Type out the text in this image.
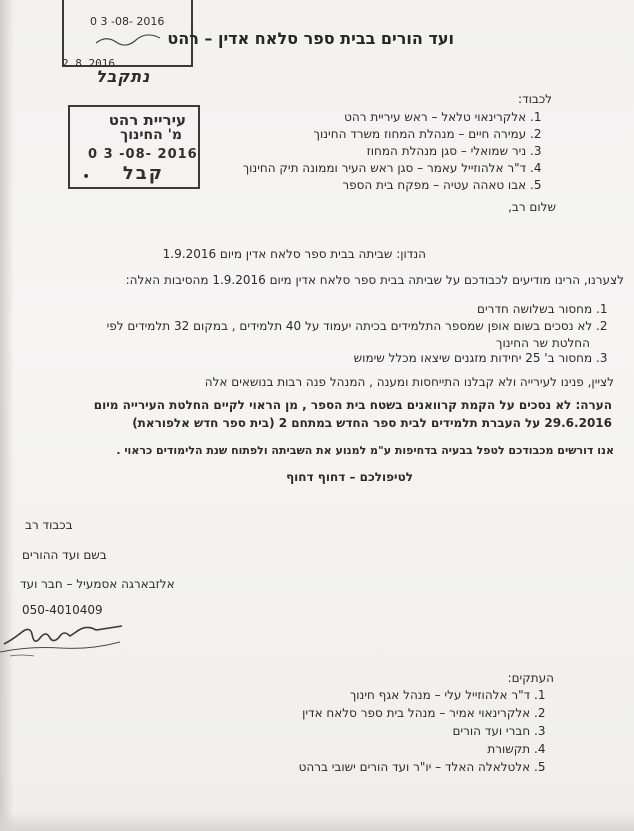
0 3 -08- 2016
2.8.2016
נתקבל
ועד הורים בבית ספר סלאח אדין – רהט
עיריית רהט
מ' החינוך
0 3 -08- 2016
קבל
•
לכבוד:
1. אלקרינאוי טלאל – ראש עיריית רהט
2. עמירה חיים – מנהלת המחוז משרד החינוך
3. ניר שמואלי – סגן מנהלת המחוז
4. ד"ר אלהוזייל עאמר – סגן ראש העיר וממונה תיק החינוך
5. אבו טאהה עטיה – מפקח בית הספר
שלום רב,
הנדון: שביתה בבית ספר סלאח אדין מיום 1.9.2016
לצערנו, הרינו מודיעים לכבודכם על שביתה בבית ספר סלאח אדין מיום 1.9.2016 מהסיבות האלה:
1. מחסור בשלושה חדרים
2. לא נסכים בשום אופן שמספר התלמידים בכיתה יעמוד על 40 תלמידים , במקום 32 תלמידים לפי
החלטת שר החינוך
3. מחסור ב' 25 יחידות מזגנים שיצאו מכלל שימוש
לציין, פנינו לעירייה ולא קבלנו התייחסות ומענה , המנהל פנה רבות בנושאים אלה
הערה: לא נסכים על הקמת קרוואנים בשטח בית הספר , מן הראוי לקיים החלטת העירייה מיום
29.6.2016 על העברת תלמידים לבית ספר החדש במתחם 2 (בית ספר חדש אלפוראת)
אנו דורשים מכבודכם לטפל בבעיה בדחיפות ע"מ למנוע את השביתה ולפתוח שנת הלימודים כראוי .
לטיפולכם – דחוף דחוף
בכבוד רב
בשם ועד ההורים
אלזבארגה אסמעיל – חבר ועד
050-4010409
העתקים:
1. ד"ר אלהוזייל עלי – מנהל אגף חינוך
2. אלקרינאוי אמיר – מנהל בית ספר סלאח אדין
3. חברי ועד הורים
4. תקשורת
5. אלטלאלה האלד – יו"ר ועד הורים ישובי ברהט
